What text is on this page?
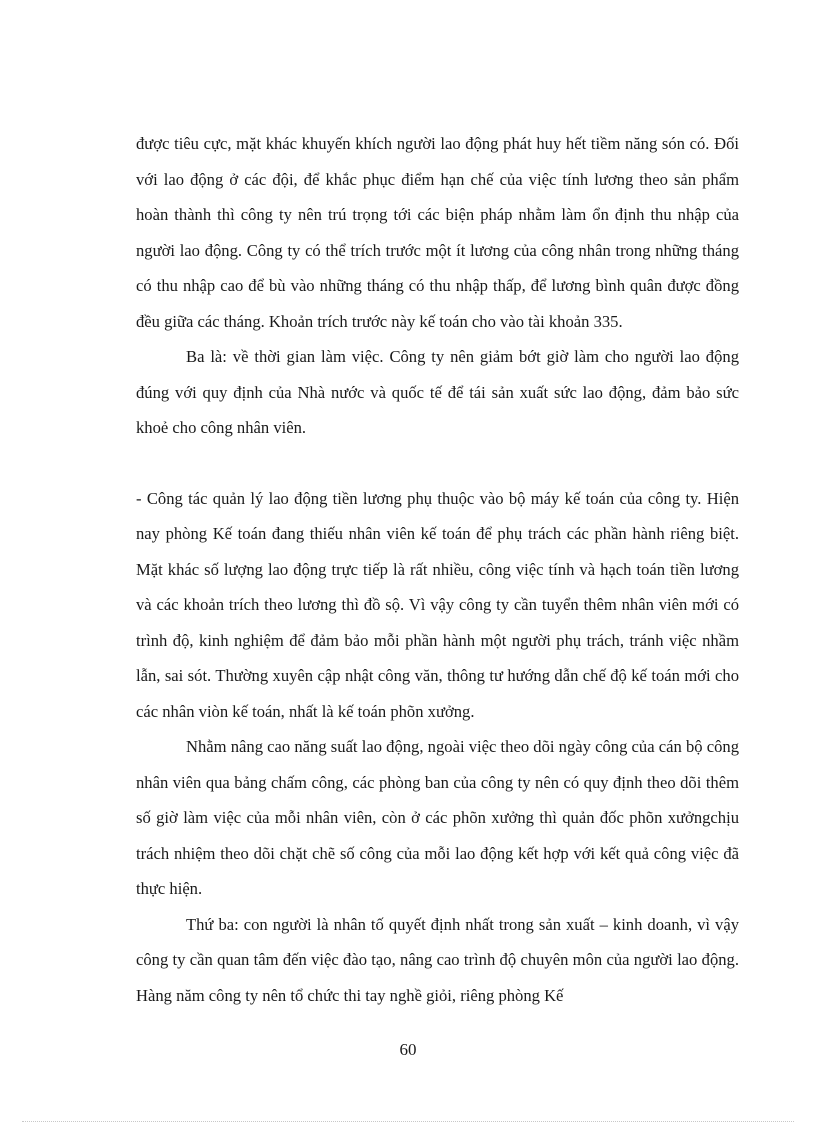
được tiêu cực, mặt khác khuyến khích người lao động phát huy hết tiềm năng són có. Đối với lao động ở các đội, để khắc phục điểm hạn chế của việc tính lương theo sản phẩm hoàn thành thì công ty nên trú trọng tới các biện pháp nhằm làm ổn định thu nhập của người lao động. Công ty có thể trích trước một ít lương của công nhân trong những tháng có thu nhập cao để bù vào những tháng có thu nhập thấp, để lương bình quân được đồng đều giữa các tháng. Khoản trích trước này kế toán cho vào tài khoản 335.

Ba là: về thời gian làm việc. Công ty nên giảm bớt giờ làm cho người lao động đúng với quy định của Nhà nước và quốc tế để tái sản xuất sức lao động, đảm bảo sức khoẻ cho công nhân viên.

- Công tác quản lý lao động tiền lương phụ thuộc vào bộ máy kế toán của công ty. Hiện nay phòng Kế toán đang thiếu nhân viên kế toán để phụ trách các phần hành riêng biệt. Mặt khác số lượng lao động trực tiếp là rất nhiều, công việc tính và hạch toán tiền lương và các khoản trích theo lương thì đồ sộ. Vì vậy công ty cần tuyển thêm nhân viên mới có trình độ, kinh nghiệm để đảm bảo mỗi phần hành một người phụ trách, tránh việc nhầm lẫn, sai sót. Thường xuyên cập nhật công văn, thông tư hướng dẫn chế độ kế toán mới cho các nhân viòn kế toán, nhất là kế toán phõn xưởng.

Nhằm nâng cao năng suất lao động, ngoài việc theo dõi ngày công của cán bộ công nhân viên qua bảng chấm công, các phòng ban của công ty nên có quy định theo dõi thêm số giờ làm việc của mỗi nhân viên, còn ở các phõn xưởng thì quản đốc phõn xưởngchịu trách nhiệm theo dõi chặt chẽ số công của mỗi lao động kết hợp với kết quả công việc đã thực hiện.

Thứ ba: con người là nhân tố quyết định nhất trong sản xuất – kinh doanh, vì vậy công ty cần quan tâm đến việc đào tạo, nâng cao trình độ chuyên môn của người lao động. Hàng năm công ty nên tổ chức thi tay nghề giỏi, riêng phòng Kế

60
